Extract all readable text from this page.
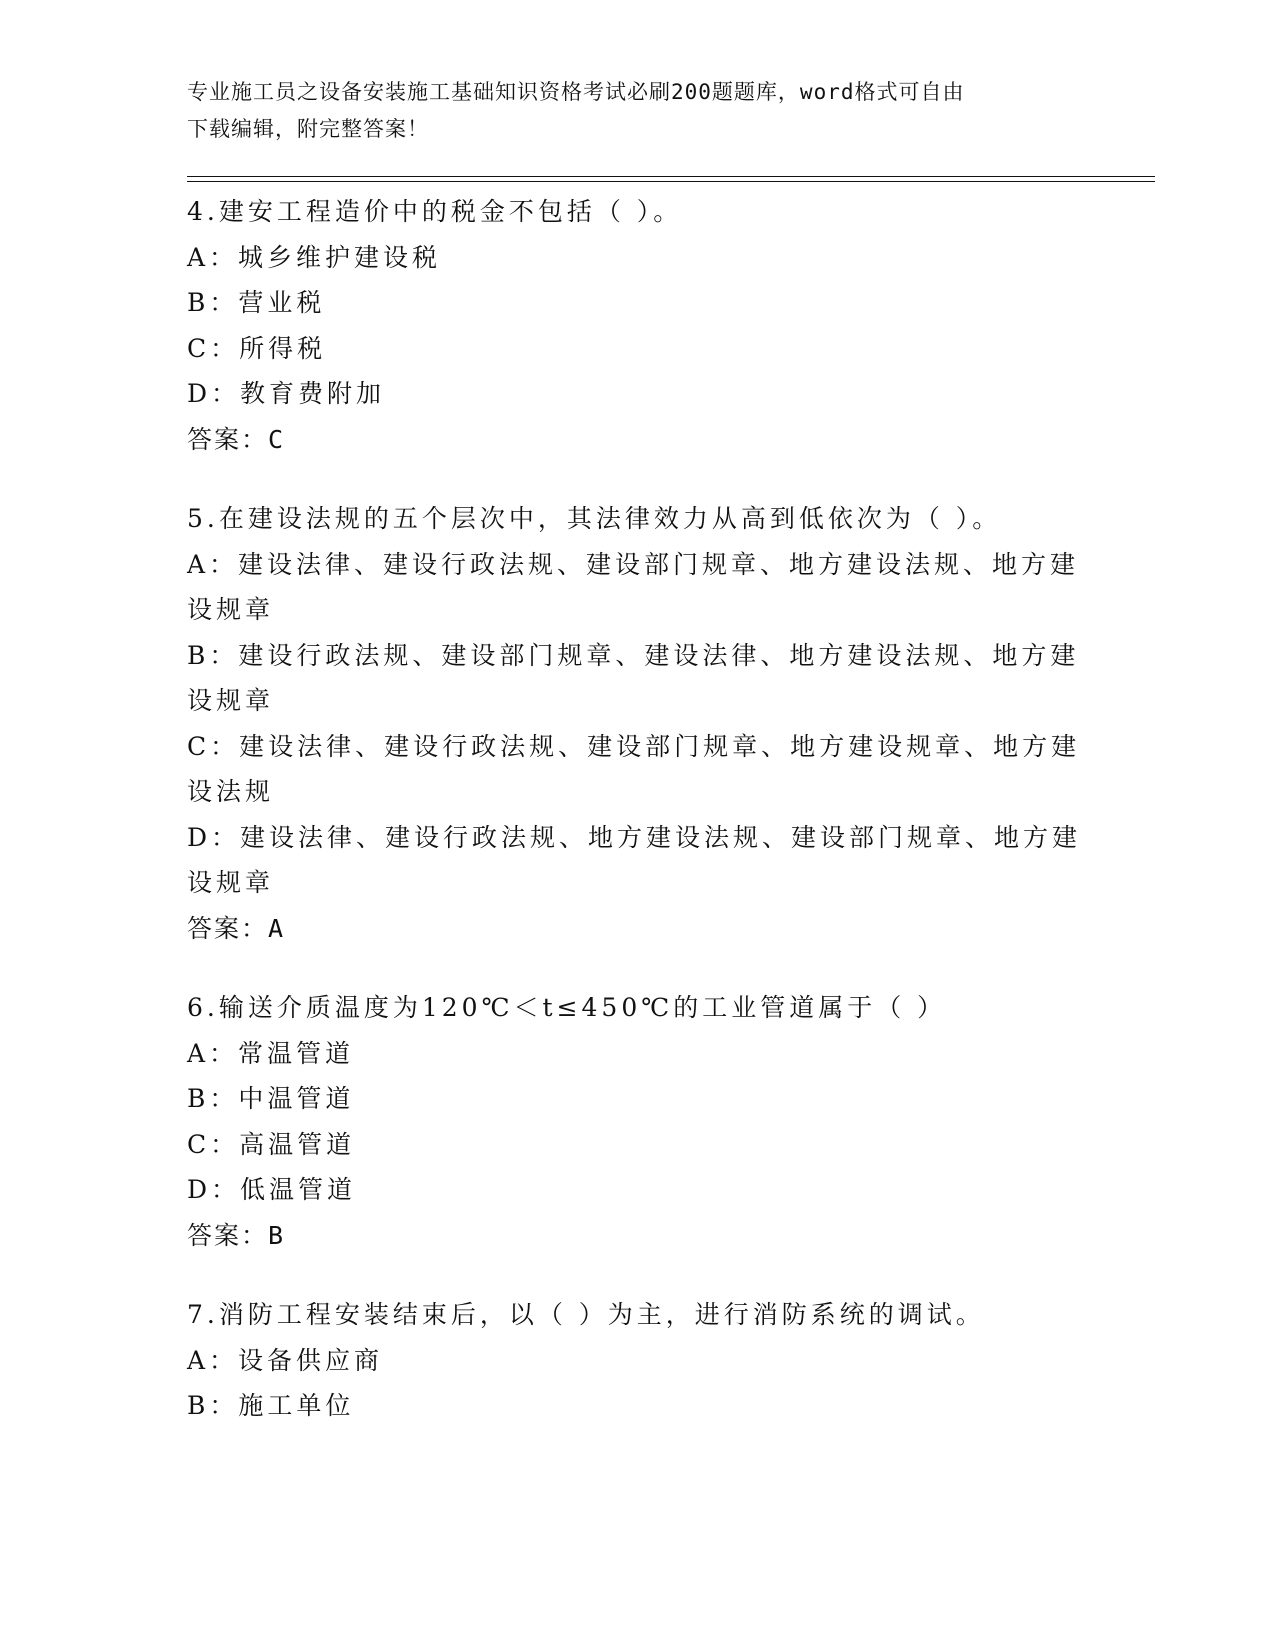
专业施工员之设备安装施工基础知识资格考试必刷200题题库，word格式可自由
下载编辑，附完整答案！
4.建安工程造价中的税金不包括（ ）。
A：城乡维护建设税
B：营业税
C：所得税
D：教育费附加
答案：C
5.在建设法规的五个层次中，其法律效力从高到低依次为（ ）。
A：建设法律、建设行政法规、建设部门规章、地方建设法规、地方建设规章
B：建设行政法规、建设部门规章、建设法律、地方建设法规、地方建设规章
C：建设法律、建设行政法规、建设部门规章、地方建设规章、地方建设法规
D：建设法律、建设行政法规、地方建设法规、建设部门规章、地方建设规章
答案：A
6.输送介质温度为120℃＜t≤450℃的工业管道属于（ ）
A：常温管道
B：中温管道
C：高温管道
D：低温管道
答案：B
7.消防工程安装结束后，以（ ）为主，进行消防系统的调试。
A：设备供应商
B：施工单位
